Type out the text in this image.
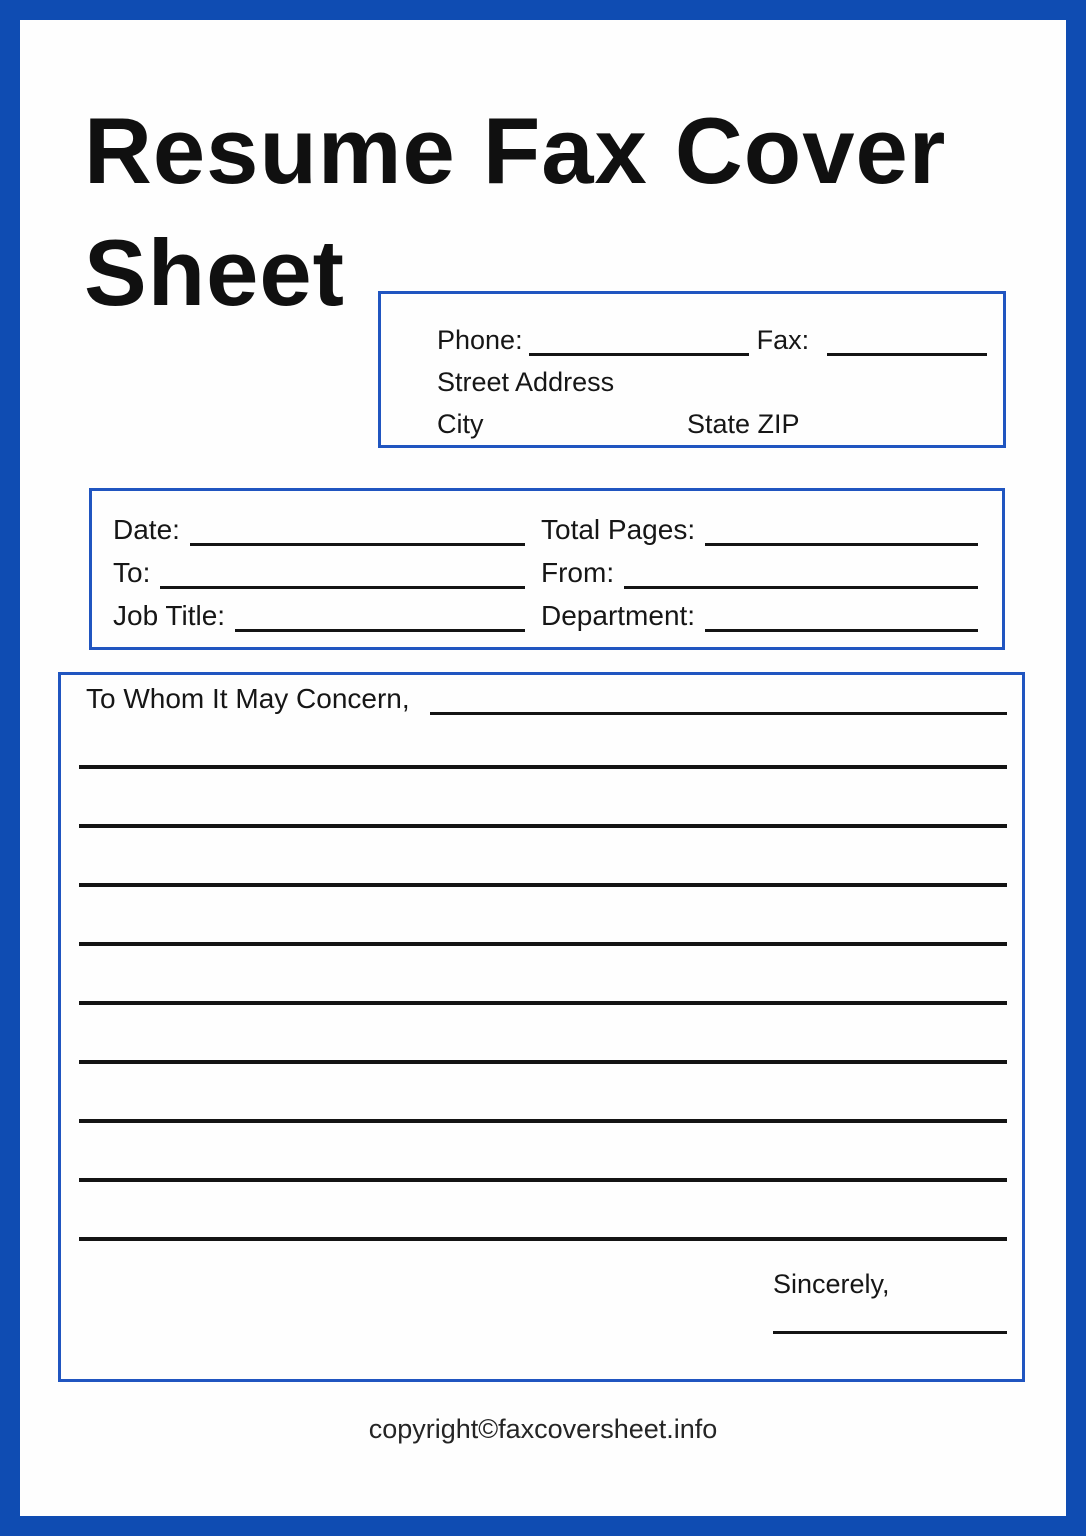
Resume Fax Cover
Sheet
Phone:	Fax:
Street Address
City	State ZIP
Date:	Total Pages:
To:	From:
Job Title:	Department:
To Whom It May Concern,
Sincerely,
copyright©faxcoversheet.info
